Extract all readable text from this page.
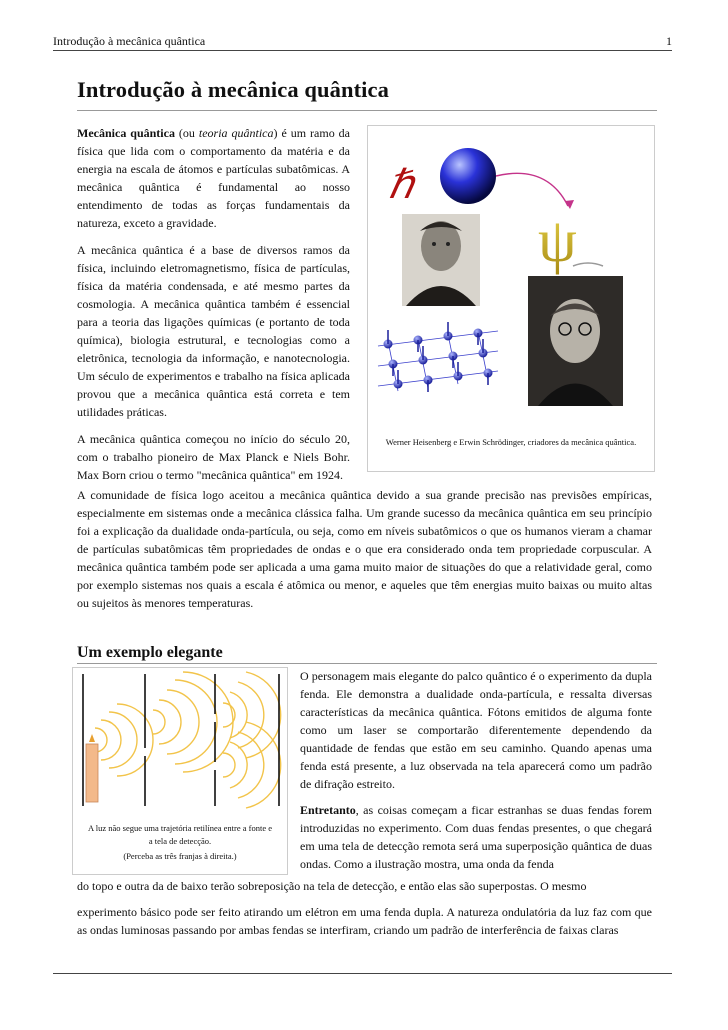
Introdução à mecânica quântica	1
Introdução à mecânica quântica

Mecânica quântica (ou teoria quântica) é um ramo da física que lida com o comportamento da matéria e da energia na escala de átomos e partículas subatômicas. A mecânica quântica é fundamental ao nosso entendimento de todas as forças fundamentais da natureza, exceto a gravidade.

A mecânica quântica é a base de diversos ramos da física, incluindo eletromagnetismo, física de partículas, física da matéria condensada, e até mesmo partes da cosmologia. A mecânica quântica também é essencial para a teoria das ligações químicas (e portanto de toda química), biologia estrutural, e tecnologias como a eletrônica, tecnologia da informação, e nanotecnologia. Um século de experimentos e trabalho na física aplicada provou que a mecânica quântica está correta e tem utilidades práticas.

A mecânica quântica começou no início do século 20, com o trabalho pioneiro de Max Planck e Niels Bohr. Max Born criou o termo "mecânica quântica" em 1924.

ℏ
ψ
Werner Heisenberg e Erwin Schrödinger, criadores da mecânica quântica.

A comunidade de física logo aceitou a mecânica quântica devido a sua grande precisão nas previsões empíricas, especialmente em sistemas onde a mecânica clássica falha. Um grande sucesso da mecânica quântica em seu princípio foi a explicação da dualidade onda-partícula, ou seja, como em níveis subatômicos o que os humanos vieram a chamar de partículas subatômicas têm propriedades de ondas e o que era considerado onda tem propriedade corpuscular. A mecânica quântica também pode ser aplicada a uma gama muito maior de situações do que a relatividade geral, como por exemplo sistemas nos quais a escala é atômica ou menor, e aqueles que têm energias muito baixas ou muito altas ou sujeitos às menores temperaturas.

Um exemplo elegante
A luz não segue uma trajetória retilínea entre a fonte e a tela de detecção.
(Perceba as três franjas à direita.)

O personagem mais elegante do palco quântico é o experimento da dupla fenda. Ele demonstra a dualidade onda-partícula, e ressalta diversas características da mecânica quântica. Fótons emitidos de alguma fonte como um laser se comportarão diferentemente dependendo da quantidade de fendas que estão em seu caminho. Quando apenas uma fenda está presente, a luz observada na tela aparecerá como um padrão de difração estreito.

Entretanto, as coisas começam a ficar estranhas se duas fendas forem introduzidas no experimento. Com duas fendas presentes, o que chegará em uma tela de detecção remota será uma superposição quântica de duas ondas. Como a ilustração mostra, uma onda da fenda

do topo e outra da de baixo terão sobreposição na tela de detecção, e então elas são superpostas. O mesmo

experimento básico pode ser feito atirando um elétron em uma fenda dupla. A natureza ondulatória da luz faz com que as ondas luminosas passando por ambas fendas se interfiram, criando um padrão de interferência de faixas claras
